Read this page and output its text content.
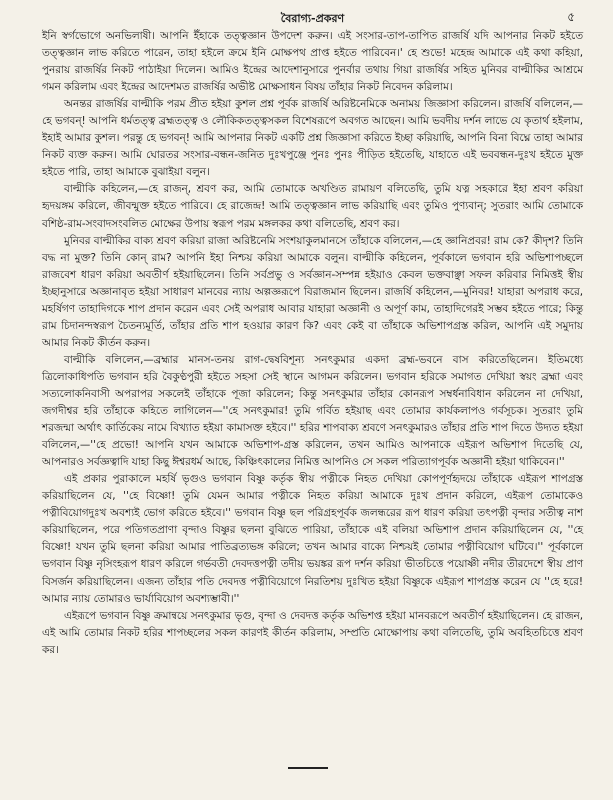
বৈরাগ্য-প্রকরণ	৫

ইনি স্বর্গভোগে অনভিলাষী। আপনি ইঁহাকে তত্ত্বজ্ঞান উপদেশ করুন। এই সংসার-তাপ-তাপিত রাজর্ষি যদি আপনার নিকট হইতে তত্ত্বজ্ঞান লাভ করিতে পারেন, তাহা হইলে ক্রমে ইনি মোক্ষপথ প্রাপ্ত হইতে পারিবেন।' হে শুভে! মহেন্দ্র আমাকে এই কথা কহিয়া, পুনরায় রাজর্ষির নিকট পাঠাইয়া দিলেন। আমিও ইন্দ্রের আদেশানুসারে পুনর্বার তথায় গিয়া রাজর্ষির সহিত মুনিবর বাল্মীকির আশ্রমে গমন করিলাম এবং ইন্দ্রের আদেশমত রাজর্ষির অভীষ্ট মোক্ষসাধন বিষয় তাঁহার নিকট নিবেদন করিলাম।

অনন্তর রাজর্ষির বাল্মীকি পরম প্রীত হইয়া কুশল প্রশ্ন পূর্বক রাজর্ষি অরিষ্টনেমিকে অনাময় জিজ্ঞাসা করিলেন। রাজর্ষি বলিলেন,—হে ভগবন্! আপনি ধর্মতত্ত্ব ব্রহ্মতত্ত্ব ও লৌকিকতত্ত্বসকল বিশেষরূপে অবগত আছেন। আমি ভবদীয় দর্শন লাভে যে কৃতার্থ হইলাম, ইহাই আমার কুশল। পরন্তু হে ভগবন্! আমি আপনার নিকট একটি প্রশ্ন জিজ্ঞাসা করিতে ইচ্ছা করিয়াছি, আপনি বিনা বিঘ্নে তাহা আমার নিকট ব্যক্ত করুন। আমি ঘোরতর সংসার-বন্ধন-জনিত দুঃখপুঞ্জে পুনঃ পুনঃ পীড়িত হইতেছি, যাহাতে এই ভববন্ধন-দুঃখ হইতে মুক্ত হইতে পারি, তাহা আমাকে বুঝাইয়া বলুন।

বাল্মীকি কহিলেন,—হে রাজন্, শ্রবণ কর, আমি তোমাকে অখণ্ডিত রামায়ণ বলিতেছি, তুমি যত্ন সহকারে ইহা শ্রবণ করিয়া হৃদয়ঙ্গম করিলে, জীবন্মুক্ত হইতে পারিবে। হে রাজেন্দ্র! আমি তত্ত্বজ্ঞান লাভ করিয়াছি এবং তুমিও পুণ্যবান্; সুতরাং আমি তোমাকে বশিষ্ঠ-রাম-সংবাদসংবলিত মোক্ষের উপায় স্বরূপ পরম মঙ্গলকর কথা বলিতেছি, শ্রবণ কর।

মুনিবর বাল্মীকির বাক্য শ্রবণ করিয়া রাজা অরিষ্টনেমি সংশয়াকুলমানসে তাঁহাকে বলিলেন,—হে জ্ঞানিপ্রবর! রাম কে? কীদৃশ? তিনি বদ্ধ না মুক্ত? তিনি কোন্ রাম? আপনি ইহা নিশ্চয় করিয়া আমাকে বলুন। বাল্মীকি কহিলেন, পূর্বকালে ভগবান হরি অভিশাপচ্ছলে রাজবেশ ধারণ করিয়া অবতীর্ণ হইয়াছিলেন। তিনি সর্বপ্রভু ও সর্বজ্ঞান-সম্পন্ন হইয়াও কেবল ভক্তবাঞ্ছা সফল করিবার নিমিত্তই স্বীয় ইচ্ছানুসারে অজ্ঞানাবৃত হইয়া সাধারণ মানবের ন্যায় অল্পজ্ঞরূপে বিরাজমান ছিলেন। রাজর্ষি কহিলেন,—মুনিবর! যাহারা অপরাধ করে, মহর্ষিগণ তাহাদিগকে শাপ প্রদান করেন এবং সেই অপরাধ আবার যাহারা অজ্ঞানী ও অপূর্ণ কাম, তাহাদিগেরই সম্ভব হইতে পারে; কিন্তু রাম চিদানন্দস্বরূপ চৈতন্যমূর্তি, তাঁহার প্রতি শাপ হওয়ার কারণ কি? এবং কেই বা তাঁহাকে অভিশাপগ্রস্ত করিল, আপনি এই সমুদায় আমার নিকট কীর্তন করুন।

বাল্মীকি বলিলেন,—ব্রহ্মার মানস-তনয় রাগ-দ্বেষবিশূন্য সনৎকুমার একদা ব্রহ্ম-ভবনে বাস করিতেছিলেন। ইতিমধ্যে ত্রিলোকাধিপতি ভগবান হরি বৈকুণ্ঠপুরী হইতে সহসা সেই স্থানে আগমন করিলেন। ভগবান হরিকে সমাগত দেখিয়া স্বয়ং ব্রহ্মা এবং সত্যলোকনিবাসী অপরাপর সকলেই তাঁহাকে পূজা করিলেন; কিন্তু সনৎকুমার তাঁহার কোনরূপ সম্বর্ধনাবিধান করিলেন না দেখিয়া, জগদীশ্বর হরি তাঁহাকে কহিতে লাগিলেন—''হে সনৎকুমার! তুমি গর্বিত হইয়াছ এবং তোমার কার্যকলাপও গর্বসূচক। সুতরাং তুমি শরজন্মা অর্থাৎ কার্তিকেয় নামে বিখ্যাত হইয়া কামাসক্ত হইবে।'' হরির শাপবাক্য শ্রবণে সনৎকুমারও তাঁহার প্রতি শাপ দিতে উদ্যত হইয়া বলিলেন,—''হে প্রভো! আপনি যখন আমাকে অভিশাপ-গ্রস্ত করিলেন, তখন আমিও আপনাকে এইরূপ অভিশাপ দিতেছি যে, আপনারও সর্বজ্ঞত্বাদি যাহা কিছু ঈশ্বরধর্ম আছে, কিঞ্চিৎকালের নিমিত্ত আপনিও সে সকল পরিত্যাগপূর্বক অজ্ঞানী হইয়া থাকিবেন।''

এই প্রকার পুরাকালে মহর্ষি ভৃগুও ভগবান বিষ্ণু কর্তৃক স্বীয় পত্নীকে নিহত দেখিয়া কোপপূর্ণহৃদয়ে তাঁহাকে এইরূপ শাপগ্রস্ত করিয়াছিলেন যে, ''হে বিষ্ণো! তুমি যেমন আমার পত্নীকে নিহত করিয়া আমাকে দুঃখ প্রদান করিলে, এইরূপ তোমাকেও পত্নীবিয়োগদুঃখ অবশ্যই ভোগ করিতে হইবে।'' ভগবান বিষ্ণু ছল পরিগ্রহপূর্বক জলন্ধরের রূপ ধারণ করিয়া তৎপত্নী বৃন্দার সতীত্ব নাশ করিয়াছিলেন, পরে পতিগতপ্রাণা বৃন্দাও বিষ্ণুর ছলনা বুঝিতে পারিয়া, তাঁহাকে এই বলিয়া অভিশাপ প্রদান করিয়াছিলেন যে, ''হে বিষ্ণো! যখন তুমি ছলনা করিয়া আমার পাতিব্রত্যভঙ্গ করিলে; তখন আমার বাক্যে নিশ্চয়ই তোমার পত্নীবিয়োগ ঘটিবে।'' পূর্বকালে ভগবান বিষ্ণু নৃসিংহরূপ ধারণ করিলে গর্ভবতী দেবদত্তপত্নী তদীয় ভয়ঙ্কর রূপ দর্শন করিয়া ভীতচিত্তে পয়োষ্ণী নদীর তীরদেশে স্বীয় প্রাণ বিসর্জন করিয়াছিলেন। এজন্য তাঁহার পতি দেবদত্ত পত্নীবিয়োগে নিরতিশয় দুঃখিত হইয়া বিষ্ণুকে এইরূপ শাপগ্রস্ত করেন যে ''হে হরে! আমার ন্যায় তোমারও ভার্যাবিয়োগ অবশ্যম্ভাবী।''

এইরূপে ভগবান বিষ্ণু ক্রমান্বয়ে সনৎকুমার ভৃগু, বৃন্দা ও দেবদত্ত কর্তৃক অভিশপ্ত হইয়া মানবরূপে অবতীর্ণ হইয়াছিলেন। হে রাজন, এই আমি তোমার নিকট হরির শাপচ্ছলের সকল কারণই কীর্তন করিলাম, সম্প্রতি মোক্ষোপায় কথা বলিতেছি, তুমি অবহিতচিত্তে শ্রবণ কর।
